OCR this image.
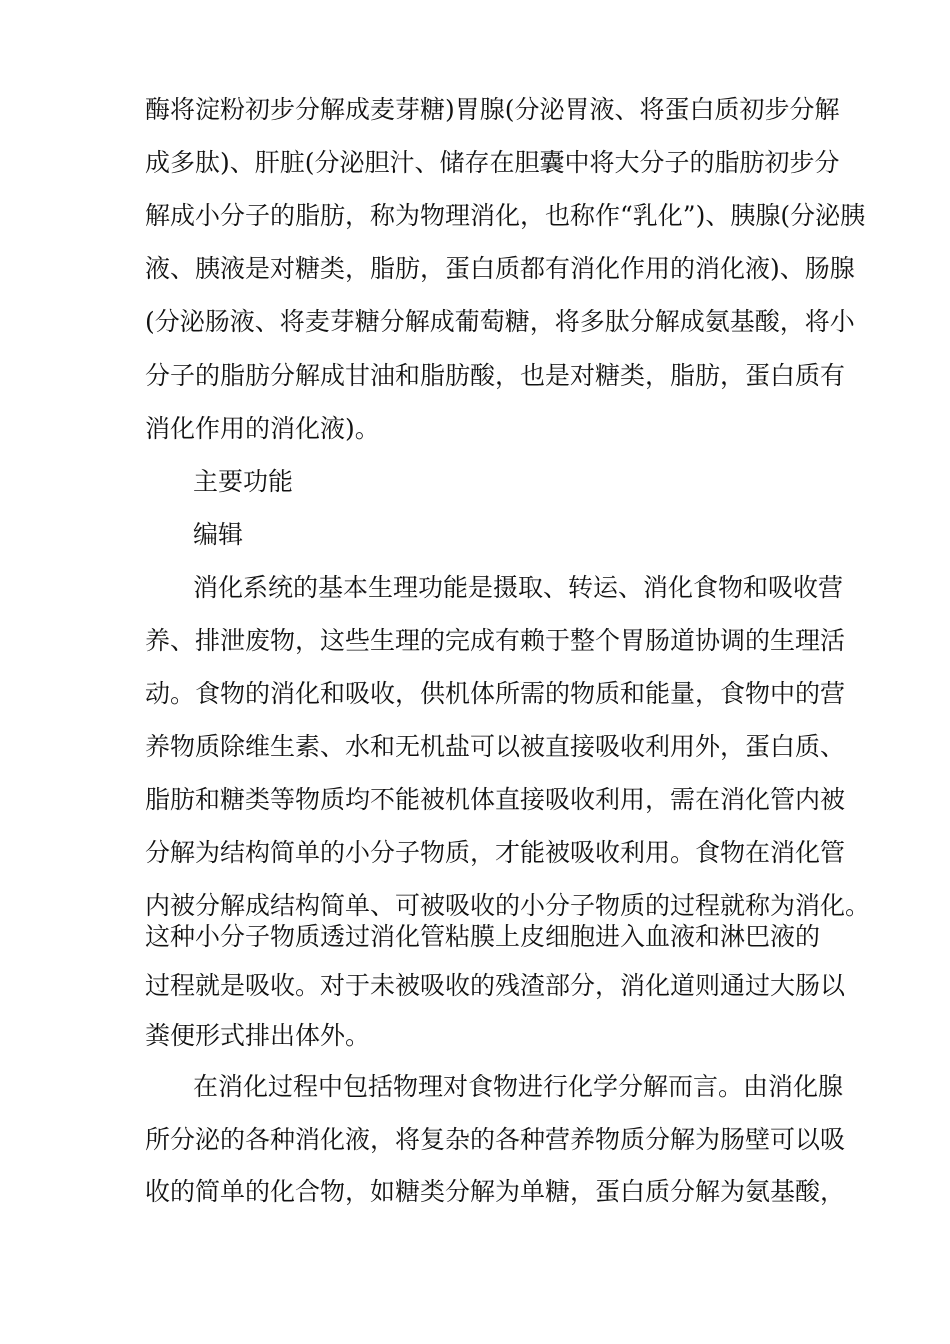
酶将淀粉初步分解成麦芽糖)胃腺(分泌胃液、将蛋白质初步分解
成多肽)、肝脏(分泌胆汁、储存在胆囊中将大分子的脂肪初步分
解成小分子的脂肪，称为物理消化，也称作“乳化”)、胰腺(分泌胰
液、胰液是对糖类，脂肪，蛋白质都有消化作用的消化液)、肠腺
(分泌肠液、将麦芽糖分解成葡萄糖，将多肽分解成氨基酸，将小
分子的脂肪分解成甘油和脂肪酸，也是对糖类，脂肪，蛋白质有
消化作用的消化液)。
主要功能
编辑
消化系统的基本生理功能是摄取、转运、消化食物和吸收营
养、排泄废物，这些生理的完成有赖于整个胃肠道协调的生理活
动。食物的消化和吸收，供机体所需的物质和能量，食物中的营
养物质除维生素、水和无机盐可以被直接吸收利用外，蛋白质、
脂肪和糖类等物质均不能被机体直接吸收利用，需在消化管内被
分解为结构简单的小分子物质，才能被吸收利用。食物在消化管
内被分解成结构简单、可被吸收的小分子物质的过程就称为消化。
这种小分子物质透过消化管粘膜上皮细胞进入血液和淋巴液的
过程就是吸收。对于未被吸收的残渣部分，消化道则通过大肠以
粪便形式排出体外。
在消化过程中包括物理对食物进行化学分解而言。由消化腺
所分泌的各种消化液，将复杂的各种营养物质分解为肠壁可以吸
收的简单的化合物，如糖类分解为单糖，蛋白质分解为氨基酸，
